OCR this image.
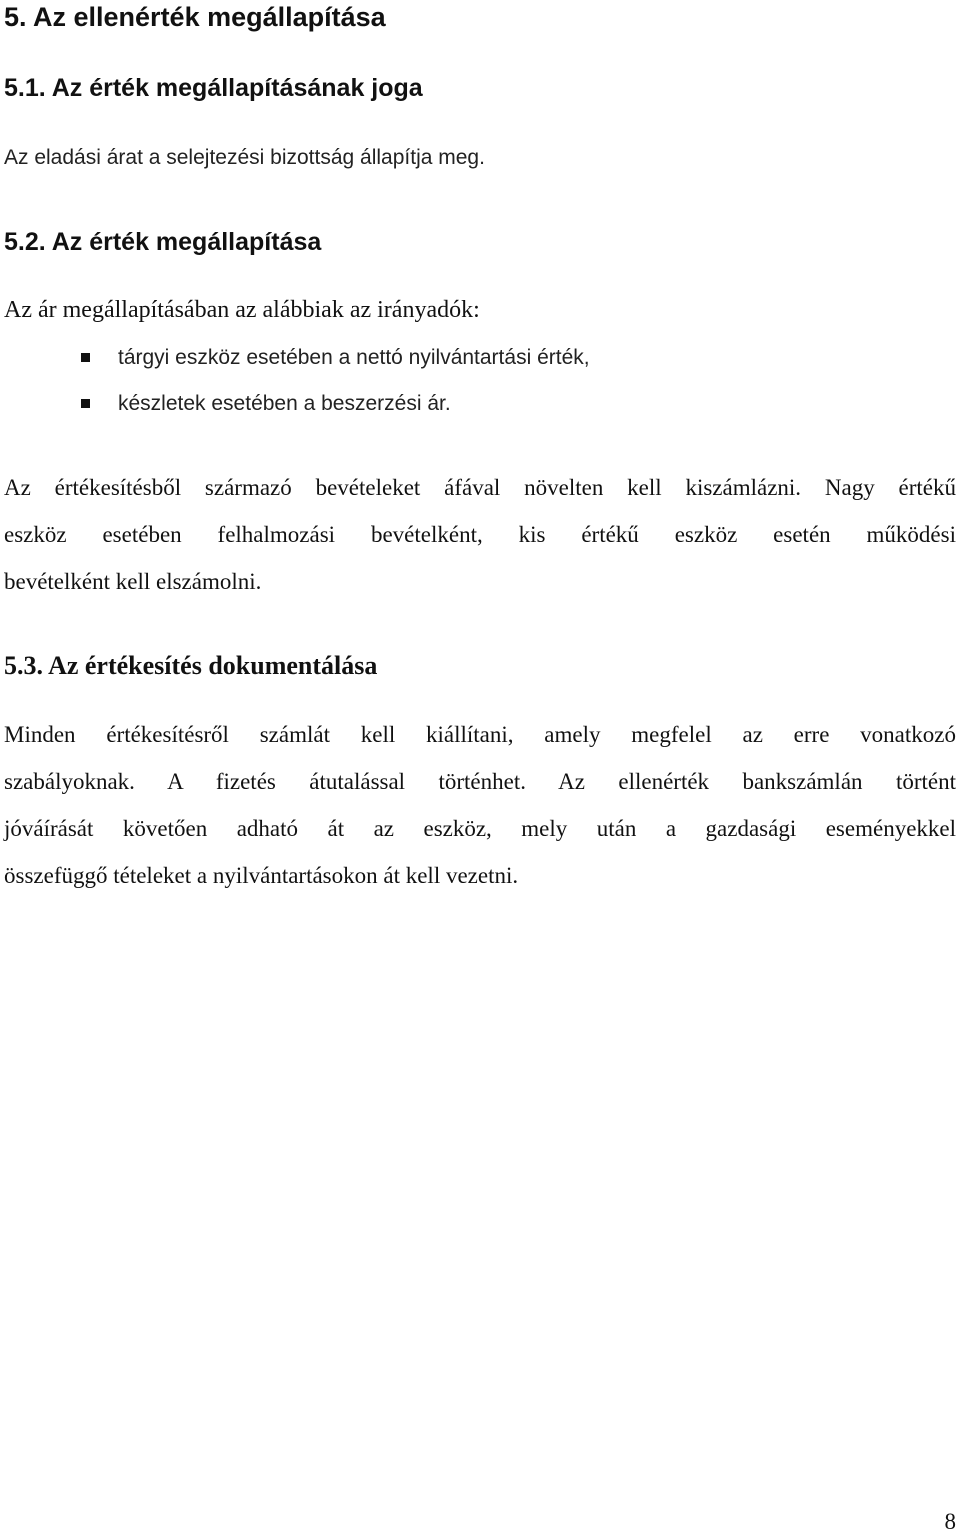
5. Az ellenérték megállapítása
5.1. Az érték megállapításának joga

Az eladási árat a selejtezési bizottság állapítja meg.

5.2. Az érték megállapítása

Az ár megállapításában az alábbiak az irányadók:

tárgyi eszköz esetében a nettó nyilvántartási érték,
készletek esetében a beszerzési ár.
Az értékesítésből származó bevételeket áfával növelten kell kiszámlázni. Nagy értékű
eszköz esetében felhalmozási bevételként, kis értékű eszköz esetén működési
bevételként kell elszámolni.
5.3. Az értékesítés dokumentálása
Minden értékesítésről számlát kell kiállítani, amely megfelel az erre vonatkozó
szabályoknak. A fizetés átutalással történhet. Az ellenérték bankszámlán történt
jóváírását követően adható át az eszköz, mely után a gazdasági eseményekkel
összefüggő tételeket a nyilvántartásokon át kell vezetni.
8
